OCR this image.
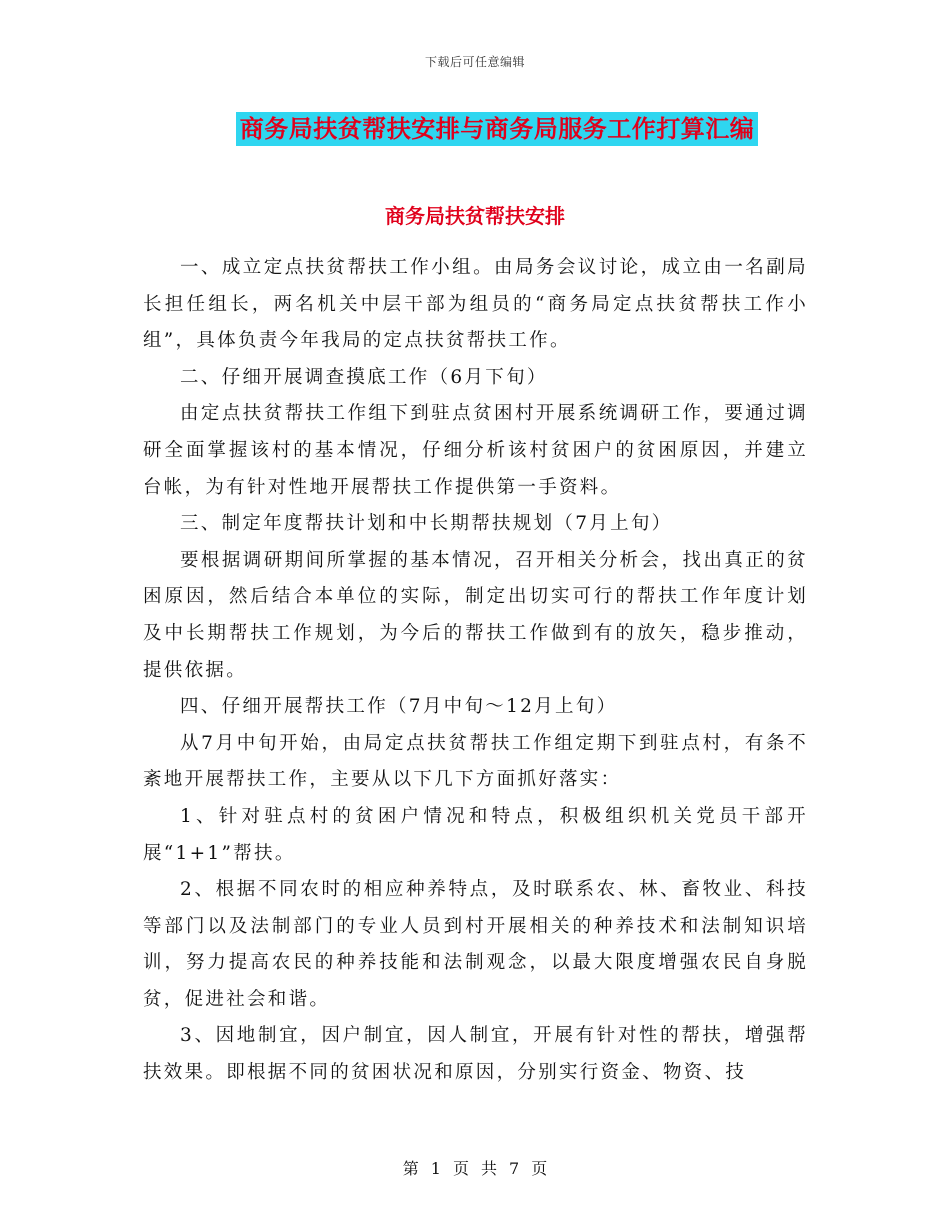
下载后可任意编辑
商务局扶贫帮扶安排与商务局服务工作打算汇编
商务局扶贫帮扶安排

一、成立定点扶贫帮扶工作小组。由局务会议讨论，成立由一名副局长担任组长，两名机关中层干部为组员的“商务局定点扶贫帮扶工作小组”，具体负责今年我局的定点扶贫帮扶工作。

二、仔细开展调查摸底工作（6月下旬）

由定点扶贫帮扶工作组下到驻点贫困村开展系统调研工作，要通过调研全面掌握该村的基本情况，仔细分析该村贫困户的贫困原因，并建立台帐，为有针对性地开展帮扶工作提供第一手资料。

三、制定年度帮扶计划和中长期帮扶规划（7月上旬）

要根据调研期间所掌握的基本情况，召开相关分析会，找出真正的贫困原因，然后结合本单位的实际，制定出切实可行的帮扶工作年度计划及中长期帮扶工作规划，为今后的帮扶工作做到有的放矢，稳步推动，提供依据。

四、仔细开展帮扶工作（7月中旬～12月上旬）

从7月中旬开始，由局定点扶贫帮扶工作组定期下到驻点村，有条不紊地开展帮扶工作，主要从以下几下方面抓好落实：

1、针对驻点村的贫困户情况和特点，积极组织机关党员干部开展“1+1”帮扶。

2、根据不同农时的相应种养特点，及时联系农、林、畜牧业、科技等部门以及法制部门的专业人员到村开展相关的种养技术和法制知识培训，努力提高农民的种养技能和法制观念，以最大限度增强农民自身脱贫，促进社会和谐。

3、因地制宜，因户制宜，因人制宜，开展有针对性的帮扶，增强帮扶效果。即根据不同的贫困状况和原因，分别实行资金、物资、技

第 1 页 共 7 页
